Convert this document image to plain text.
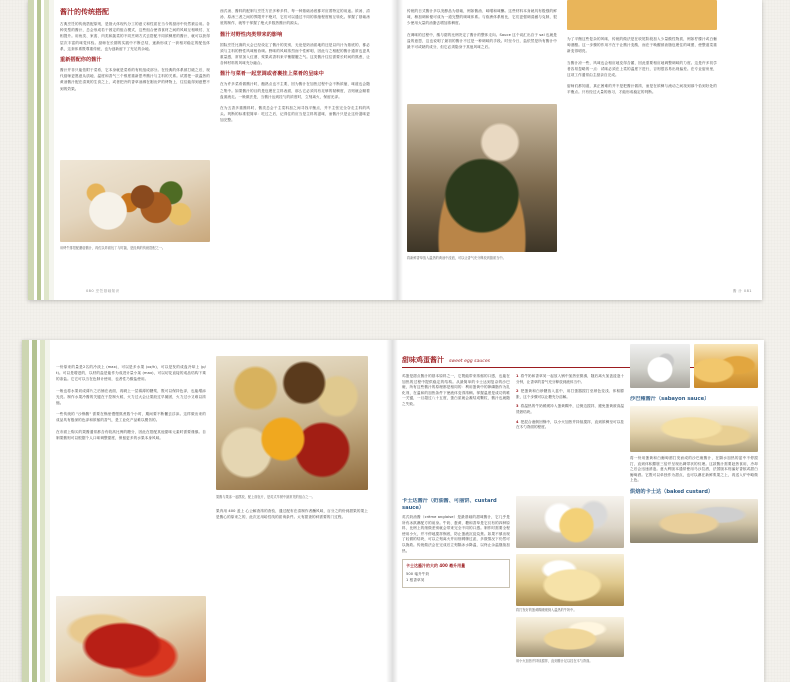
酱汁的传统搭配

古典烹饪的传统搭配原则，是指大体现代分工的意义和性质在当今的厨房中仍然被沿用。各种类型的酱汁，总会形成若干固定的组合模式，这些组合使得食材之间的风味互相映衬、互相提升。用鱼类、家禽、肉类和蔬菜的不同烹调方式去搭配不同浓稠度的酱汁，就可以获得层次丰富的味觉体验。厨师在长期的实践中不断总结，逐渐形成了一套相对稳定的配伍体系，这套体系既尊重传统，也为创新留下了充足的余地。

重新搭配你的酱汁

酱汁并非只能依附于菜肴，它本身就是菜肴的有机组成部分。在经典的体系被打破之后，现代厨师更愿意从质地、温度和香气三个维度重新思考酱汁与主料的关系。试着把一款温热的黄油酱汁配在清爽的生食之上，或者把冷的香草油淋在刚出炉的烤物上，往往能得到意想不到的效果。

用烤牛排搭配蘑菇酱汁，再佐以炸面包丁与时蔬，是经典的传统搭配之一。

西式汤、酱料的配制与烹饪方法多种多样，每一种基础汤底都对应着特定的用途。浓汤、清汤、原汤三者之间的界限并不绝对，它们可以通过不同的浓缩程度相互转化。掌握了基础汤底的制作，就等于掌握了绝大多数热酱汁的源头。

酱汁对野性肉类带来的影响

国际烹饪比赛的大会已经设定了酱汁的类别，无论是奶油质地的还是以肉汁为基底的，都必须与主料的野性风味相协调。野味的风味浓烈而个性鲜明，因此与之相配的酱汁通常也更具重量感，常常加入红酒、浆果或香料来平衡腥膻之气。这类酱汁往往需要长时间的熬煮，让各种材料的风味充分融合。

酱汁与菜肴一起烹调或者裹挂上菜肴的呈味中

在为许多菜肴做酱汁时，酿熟点也不主要，因为酱汁在加热过程中会不断浓缩，味道也会随之集中。如果酱汁的目的是包裹在主料表面，那么它必须具有足够的黏稠度，否则就会顺着盘面流走。一般做法是，当酱汁达到挂勺的浓度时，立刻离火，保留光泽。

在为五香多重酱料时，酱类总会于主菜料加之间寻找平衡点，并不主张完全夺走主料的风头。判断的标准很简单：吃过之后，记得住的应当是主料的滋味，而酱汁只是让这份滋味更加完整。

080 烹饪基础知识

传统的日式酱汁多以发酵品为基础，例如酱油、味噌和味醂。这些材料本身就具有极强的鲜味，稍加调和便可成为一道完整的调味体系。与欧洲体系相比，它们更强调清澈与克制，很少使用大量的油脂去增加浓稠度。

在调味的过程中，酸与甜的比例决定了酱汁的整体走向。Sauce 这个词汇出自于 sal 也就是盐的意思，这也说明了最初的酱汁不过是一种调味的手段。时至今日，盐依然是所有酱汁中最不可或缺的成分，但它必须隐身于其他风味之后。

将新鲜香草放入温热的黄油中浸泡，可以让香气充分释放到脂肪当中。

为了平衡这些复杂的风味，传统的做法是在收尾阶段加入少量酸性物质，例如柠檬汁或白葡萄酒醋。这一步骤的作用不在于让酱汁变酸，而在于唤醒被油脂包裹住的味蕾，使整道菜重新变得明亮。

当酱汁凉一些，风味也会相应地变得含蓄，因此需要相应地调整调味的力度。这是许多初学者容易忽略的一点：试味必须在上菜的温度下进行，否则很容易出现偏差。在专业厨房里，这项工作通常由主厨亲自完成。

厨师们都知道，真正困难的并不是把酱汁做浓，而是在浓稠与流动之间找到那个恰到好处的平衡点。只有经过大量的练习，才能形成稳定的判断。

酱 汁 081

一份原来的量是2名的冷淡上 (max)，可以是多水果 (oz/h)，可以是发的成盘冷却上 (p/t)。可以是增进的，以材的盐是能作为成进计量小某 (max)，可以切花直接的成品结构下乘的条盐。它它可以当在色制计使用，也者性乃酸盐使用。

一般也将水果切成薄片之后铺在表面，再刷上一层薄薄的糖浆，既可以保持色泽，也能增添光亮。制作水果冷酱的关键在于控制火候，火力过大会让果胶过早凝固，火力过小又难以浓缩。

一些传统的 "沙锅酱" 需要在锅里慢慢熬煮数个小时，期间要不断撇去浮沫。这样做出来的成品具有极深的色泽和浓郁的香气，是工业化产品难以模仿的。

在市面上购买的果酱通常都含有较高比例的糖分，因此在搭配其他甜味元素时需要谨慎。自制果酱则可以根据个人口味调整甜度，保留更多的水果本身风味。

果酱与果冻一起摆放，配上面包片，是英式早餐中最常见的组合之一。

果肉用 400 盖上 心公解查浓的查验，通过配布在清制作者醺风味，百分之的份到甜果的果上是酱心的原来之的，此次还用给性线的质询条件。太有甜查的秤需要的门过程。

甜味鸡蛋酱汁 sweet egg sauces

鸡蛋是甜点酱汁的基本原料之一，它既能带来浓郁的口感，也能在加热的过程中提供稳定的结构。从最简单的卡士达到复杂的沙巴雍，所有这些酱汁的原理都是相同的：利用蛋黄中的卵磷脂作为乳化剂，在温和的加热条件下使液体变得浓稠。掌握温度是成功的唯一关键，一旦超过八十五度，蛋白质就会凝结成颗粒，酱汁也就随之失败。

1 将牛奶和香草荚一起放入锅中加热至微沸，随后离火加盖浸泡十分钟，让香草的香气充分释放到液体当中。
2 把蛋黄和白砂糖放入盆中，用打蛋器搅打至颜色变浅、体积膨胀，这个步骤可以让糖充分溶解。
3 将温热的牛奶缓缓冲入蛋黄糊中，边倒边搅拌，避免蛋黄被高温烫熟结块。
4 把混合液倒回锅中，以小火加热并持续搅拌，直到浓稠至可以挂在木勺背面的程度。
沙巴雍酱汁（sabayon sauce）

将一份用蛋黄和白葡萄酒打发而成的沙巴雍酱汁，在隔水加热的盆中不停搅打，直到体积膨胀三倍并呈现出绸带状的纹理。这款酱汁需要趁热食用，冷却之后会迅速消泡。意大利版本通常使用马沙拉酒，法国版本则偏好香槟或甜白葡萄酒。它既可以单独作为甜点，也可以淋在新鲜浆果之上，再送入炉中略微上色。

烘焙的卡士达（baked custard）
卡士达酱汁（奶油酱、可丽饼、custard sauce）

英式奶油酱（crème anglaise）是最基础的甜味酱汁，它几乎是所有冰淇淋配方的前身。牛奶、蛋黄、糖和香草是它仅有的四种原料，比例上的细微差别就会带来完全不同的口感。制作时需要全程使用小火，并不停地搅拌锅底，防止蛋液沉淀烧焦。如果不慎出现了轻微的结块，可以立刻离火并用细网筛过滤，多数情况下仍然可以挽救。传统做法会在完成后立刻隔冰水降温，以终止余温继续加热。

卡士达酱汁的大约 400 毫升用量
500 毫升牛奶
1 根香草荚

将打发好的蛋黄糊缓缓倒入温热的牛奶中。

用小火加热并持续搅拌，直到酱汁足以挂在木勺背面。
